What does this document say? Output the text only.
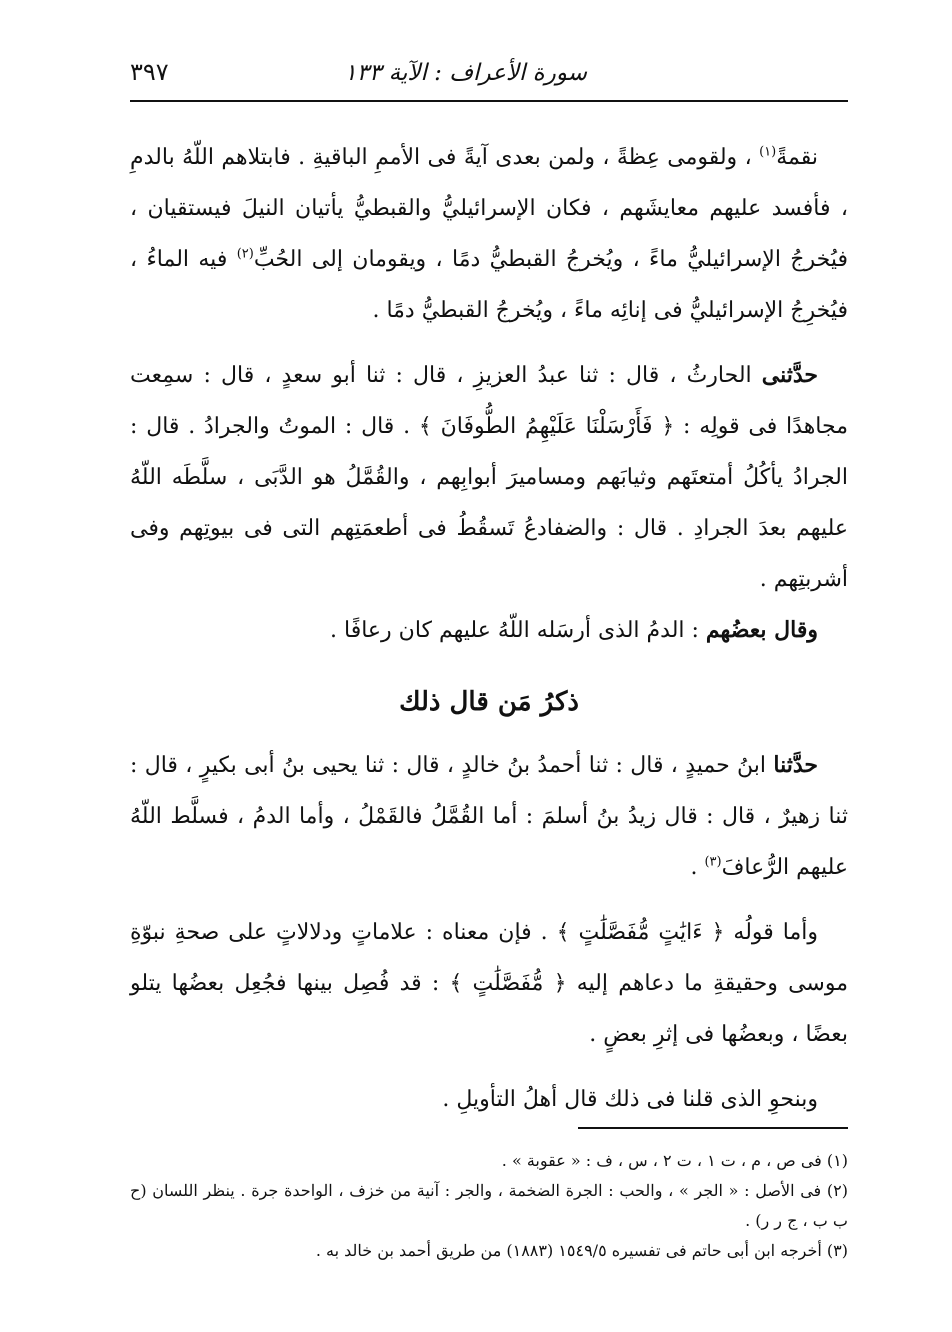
سورة الأعراف : الآية ١٣٣
٣٩٧

نقمةً$^{(١)}$ ، ولقومى عِظةً ، ولمن بعدى آيةً فى الأممِ الباقيةِ . فابتلاهم اللّهُ بالدمِ ، فأفسد عليهم معايشَهم ، فكان الإسرائيليُّ والقبطيُّ يأتيان النيلَ فيستقيان ، فيُخرجُ الإسرائيليُّ ماءً ، ويُخرجُ القبطيُّ دمًا ، ويقومان إلى الحُبِّ$^{(٢)}$ فيه الماءُ ، فيُخرِجُ الإسرائيليُّ فى إنائِه ماءً ، ويُخرجُ القبطيُّ دمًا .

حدَّثنى الحارثُ ، قال : ثنا عبدُ العزيزِ ، قال : ثنا أبو سعدٍ ، قال : سمِعت مجاهدًا فى قولِه : ﴿ فَأَرْسَلْنَا عَلَيْهِمُ الطُّوفَانَ ﴾ . قال : الموتُ والجرادُ . قال : الجرادُ يأكُلُ أمتعتَهم وثيابَهم ومساميرَ أبوابِهم ، والقُمَّلُ هو الدَّبَى ، سلَّطَه اللّهُ عليهم بعدَ الجرادِ . قال : والضفادعُ تَسقُطُ فى أطعمَتِهم التى فى بيوتِهم وفى أشربتِهم .

وقال بعضُهم : الدمُ الذى أرسَله اللّهُ عليهم كان رعافًا .

ذكرُ مَن قال ذلك

حدَّثنا ابنُ حميدٍ ، قال : ثنا أحمدُ بنُ خالدٍ ، قال : ثنا يحيى بنُ أبى بكيرٍ ، قال : ثنا زهيرٌ ، قال : قال زيدُ بنُ أسلمَ : أما القُمَّلُ فالقَمْلُ ، وأما الدمُ ، فسلَّط اللّهُ عليهم الرُّعافَ$^{(٣)}$ .

وأما قولُه ﴿ ءَايَٰتٍ مُّفَصَّلَٰتٍ ﴾ . فإن معناه : علاماتٍ ودلالاتٍ على صحةِ نبوّةِ موسى وحقيقةِ ما دعاهم إليه ﴿ مُّفَصَّلَٰتٍ ﴾ : قد فُصِل بينها فجُعِل بعضُها يتلو بعضًا ، وبعضُها فى إثرِ بعضٍ .

وبنحوِ الذى قلنا فى ذلك قال أهلُ التأويلِ .

(١) فى ص ، م ، ت ١ ، ت ٢ ، س ، ف : « عقوبة » .

(٢) فى الأصل : « الجر » ، والحب : الجرة الضخمة ، والجر : آنية من خزف ، الواحدة جرة . ينظر اللسان (ح ب ب ، ج ر ر) .

(٣) أخرجه ابن أبى حاتم فى تفسيره ١٥٤٩/٥ (١٨٨٣) من طريق أحمد بن خالد به .
